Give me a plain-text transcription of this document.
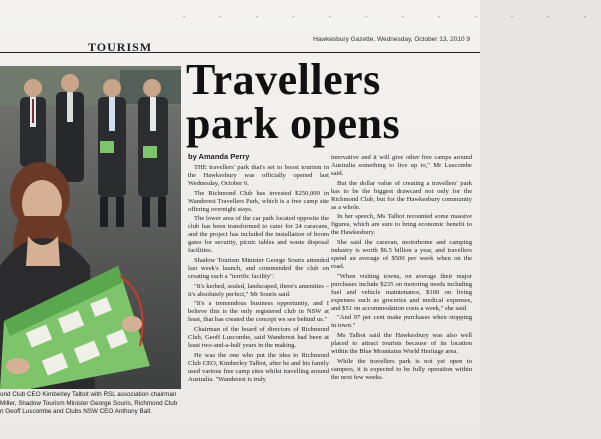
- - - - - - - - - - - -
Hawkesbury Gazette, Wednesday, October 13, 2010 9
TOURISM
ond Club CEO Kimberley Talbot with RSL association chairman
Miller, Shadow Tourism Minister George Souris, Richmond Club
n Geoff Luscombe and Clubs NSW CEO Anthony Ball.
Travellers
park opens
by Amanda Perry

THE travellers' park that's set to boost tourism in the Hawkesbury was officially opened last Wednesday, October 6.

The Richmond Club has invested $250,000 in Wanderest Travellers Park, which is a free camp site offering overnight stays.

The lower area of the car park located opposite the club has been transformed to cater for 24 caravans, and the project has included the installation of boom gates for security, picnic tables and waste disposal facilities.

Shadow Tourism Minister George Souris attended last week's launch, and commended the club on creating such a "terrific facility".

"It's kerbed, sealed, landscaped, there's amenities – it's absolutely perfect," Mr Souris said.

"It's a tremendous business opportunity, and I believe this is the only registered club in NSW at least, that has created the concept we see behind us."

Chairman of the board of directors of Richmond Club, Geoff Luscombe, said Wanderest had been at least two-and-a-half years in the making.

He was the one who put the idea to Richmond Club CEO, Kimberley Talbot, after he and his family used various free camp sites whilst travelling around Australia. "Wanderest is truly

innovative and it will give other free camps around Australia something to live up to," Mr Luscombe said.

But the dollar value of creating a travellers' park has to be the biggest drawcard not only for the Richmond Club, but for the Hawkesbury community as a whole.

In her speech, Ms Talbot recounted some massive figures, which are sure to bring economic benefit to the Hawkesbury.

She said the caravan, motorhome and camping industry is worth $6.5 billion a year, and travellers spend an average of $500 per week when on the road.

"When visiting towns, on average their major purchases include $235 on motoring needs including fuel and vehicle maintenance, $160 on living expenses such as groceries and medical expenses, and $51 on accommodation costs a week," she said.

"And 97 per cent make purchases when stopping in town."

Ms Talbot said the Hawkesbury was also well placed to attract tourists because of its location within the Blue Mountains World Heritage area.

While the travellers park is not yet open to campers, it is expected to be fully operation within the next few weeks.
